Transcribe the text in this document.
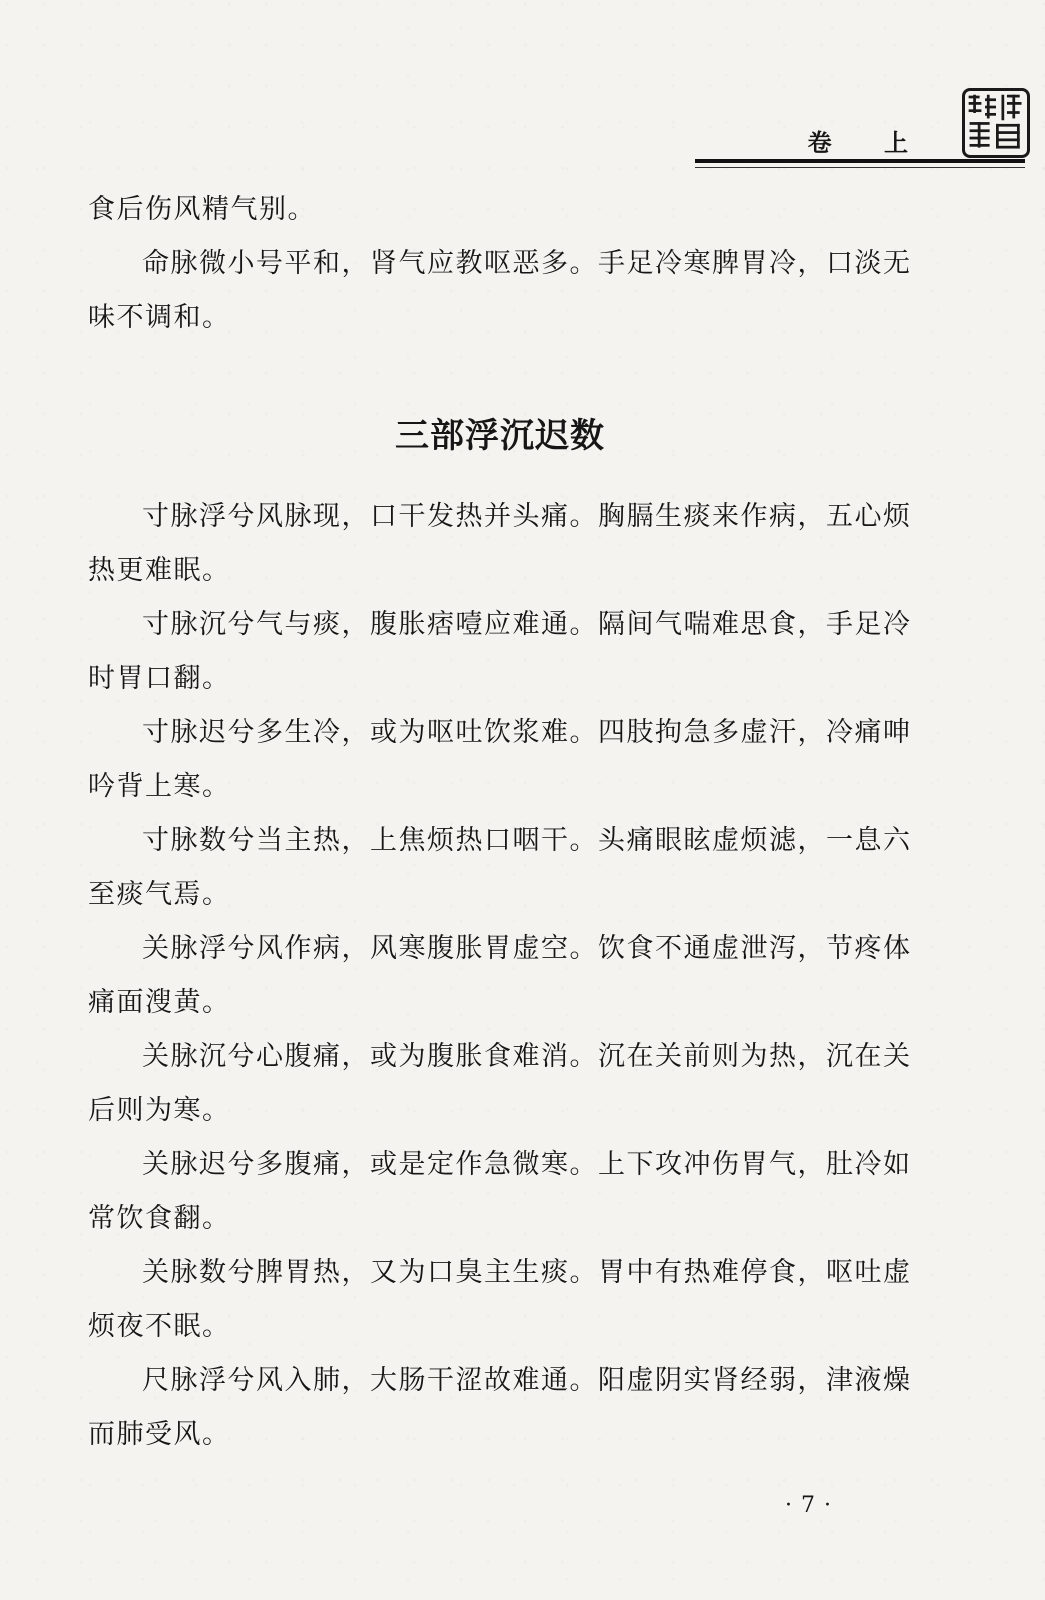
卷 上

食后伤风精气别。

命脉微小号平和，肾气应教呕恶多。手足冷寒脾胃冷，口淡无味不调和。

三部浮沉迟数

寸脉浮兮风脉现，口干发热并头痛。胸膈生痰来作病，五心烦热更难眠。

寸脉沉兮气与痰，腹胀痞噎应难通。隔间气喘难思食，手足冷时胃口翻。

寸脉迟兮多生冷，或为呕吐饮浆难。四肢拘急多虚汗，冷痛呻吟背上寒。

寸脉数兮当主热，上焦烦热口咽干。头痛眼眩虚烦滤，一息六至痰气焉。

关脉浮兮风作病，风寒腹胀胃虚空。饮食不通虚泄泻，节疼体痛面溲黄。

关脉沉兮心腹痛，或为腹胀食难消。沉在关前则为热，沉在关后则为寒。

关脉迟兮多腹痛，或是定作急微寒。上下攻冲伤胃气，肚冷如常饮食翻。

关脉数兮脾胃热，又为口臭主生痰。胃中有热难停食，呕吐虚烦夜不眠。

尺脉浮兮风入肺，大肠干涩故难通。阳虚阴实肾经弱，津液燥而肺受风。

· 7 ·
